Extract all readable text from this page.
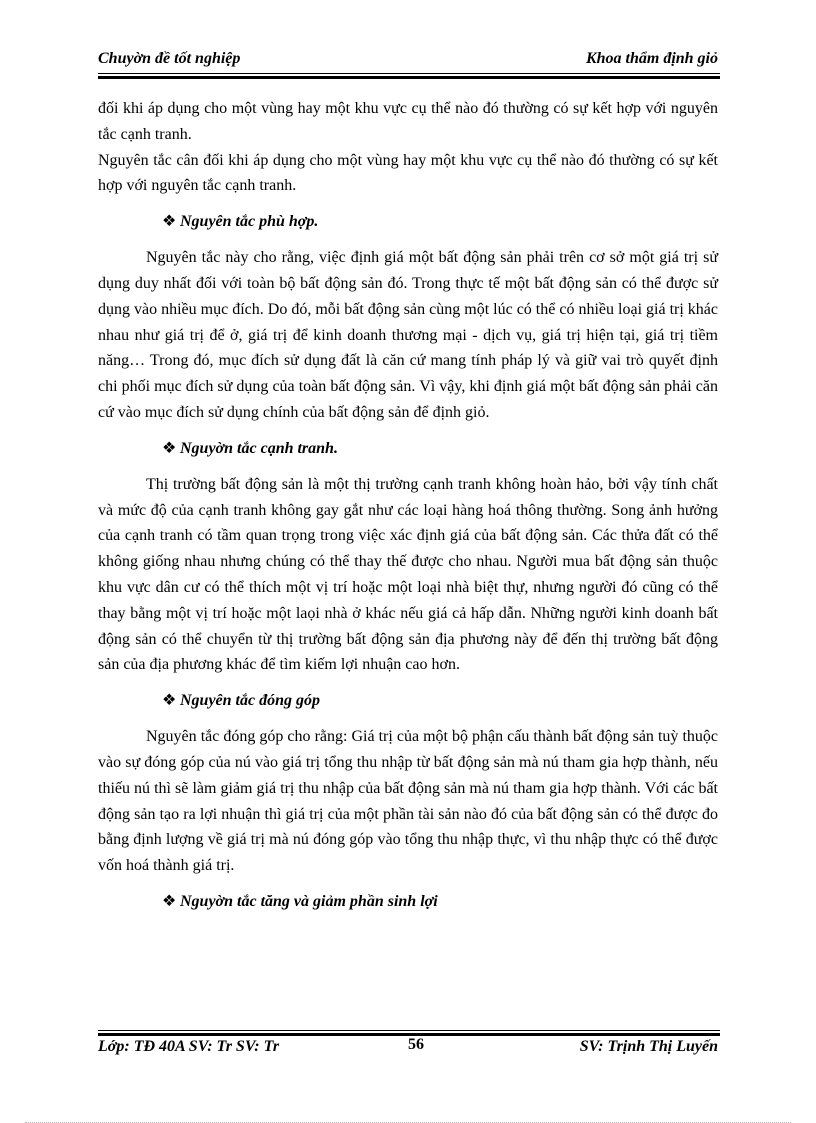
Chuyờn đề tốt nghiệp	Khoa thẩm định giỏ

đối khi áp dụng cho một vùng hay một khu vực cụ thể nào đó thường có sự kết hợp với nguyên tắc cạnh tranh.

Nguyên tắc cân đối khi áp dụng cho một vùng hay một khu vực cụ thể nào đó thường có sự kết hợp với nguyên tắc cạnh tranh.

❖ Nguyên tắc phù hợp.

Nguyên tắc này cho rằng, việc định giá một bất động sản phải trên cơ sở một giá trị sử dụng duy nhất đối với toàn bộ bất động sản đó. Trong thực tế một bất động sản có thể được sử dụng vào nhiều mục đích. Do đó, mỗi bất động sản cùng một lúc có thể có nhiều loại giá trị khác nhau như giá trị để ở, giá trị để kinh doanh thương mại - dịch vụ, giá trị hiện tại, giá trị tiềm năng… Trong đó, mục đích sử dụng đất là căn cứ mang tính pháp lý và giữ vai trò quyết định chi phối mục đích sử dụng của toàn bất động sản. Vì vậy, khi định giá một bất động sản phải căn cứ vào mục đích sử dụng chính của bất động sản để định giỏ.

❖ Nguyờn tắc cạnh tranh.

Thị trường bất động sản là một thị trường cạnh tranh không hoàn hảo, bởi vậy tính chất và mức độ của cạnh tranh không gay gắt như các loại hàng hoá thông thường. Song ảnh hưởng của cạnh tranh có tầm quan trọng trong việc xác định giá của bất động sản. Các thửa đất có thể không giống nhau nhưng chúng có thể thay thế được cho nhau. Người mua bất động sản thuộc khu vực dân cư có thể thích một vị trí hoặc một loại nhà biệt thự, nhưng người đó cũng có thể thay bằng một vị trí hoặc một laọi nhà ở khác nếu giá cả hấp dẫn. Những người kinh doanh bất động sản có thể chuyển từ thị trường bất động sản địa phương này để đến thị trường bất động sản của địa phương khác để tìm kiếm lợi nhuận cao hơn.

❖ Nguyên tắc đóng góp

Nguyên tắc đóng góp cho rằng: Giá trị của một bộ phận cấu thành bất động sản tuỳ thuộc vào sự đóng góp của nú vào giá trị tổng thu nhập từ bất động sản mà nú tham gia hợp thành, nếu thiếu nú thì sẽ làm giảm giá trị thu nhập của bất động sản mà nú tham gia hợp thành. Với các bất động sản tạo ra lợi nhuận thì giá trị của một phần tài sản nào đó của bất động sản có thể được đo bằng định lượng về giá trị mà nú đóng góp vào tổng thu nhập thực, vì thu nhập thực có thể được vốn hoá thành giá trị.

❖ Nguyờn tắc tăng và giảm phần sinh lợi
Lớp: TĐ 40A SV: Tr SV: Tr	56	SV: Trịnh Thị Luyến
